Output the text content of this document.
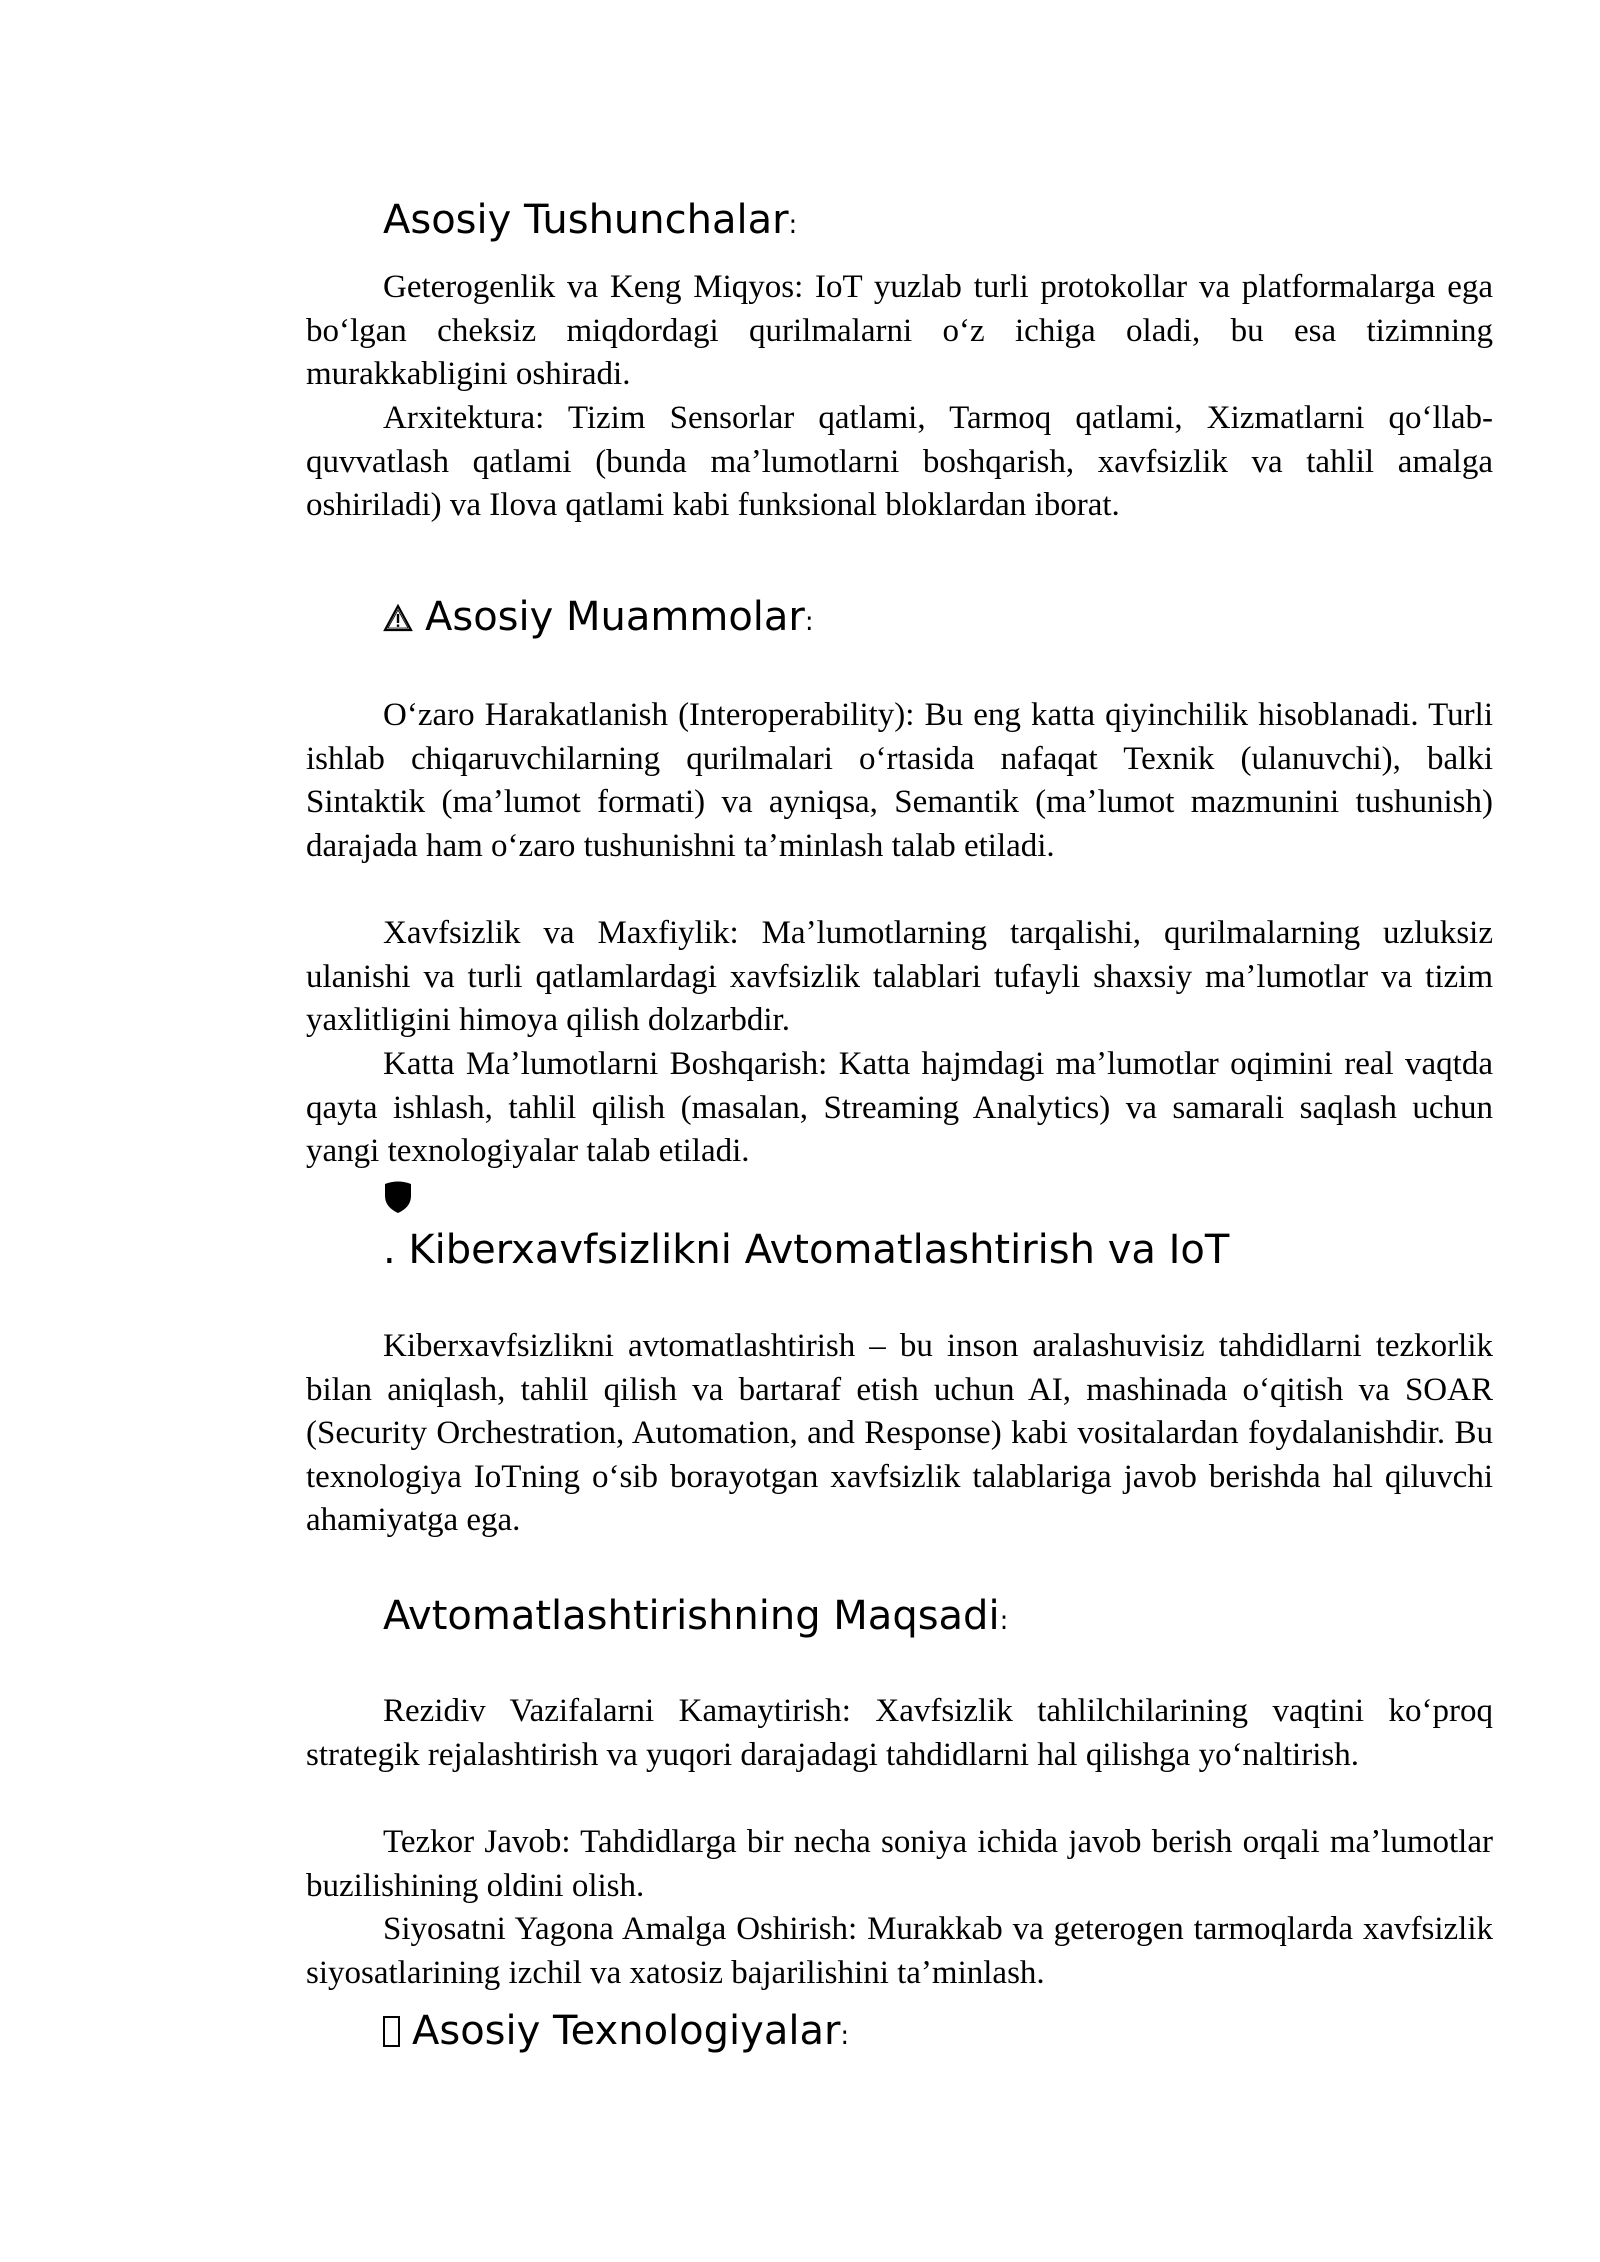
Asosiy Tushunchalar:

Geterogenlik va Keng Miqyos: IoT yuzlab turli protokollar va platformalarga ega boʻlgan cheksiz miqdordagi qurilmalarni oʻz ichiga oladi, bu esa tizimning murakkabligini oshiradi.

Arxitektura: Tizim Sensorlar qatlami, Tarmoq qatlami, Xizmatlarni qoʻllab-quvvatlash qatlami (bunda maʼlumotlarni boshqarish, xavfsizlik va tahlil amalga oshiriladi) va Ilova qatlami kabi funksional bloklardan iborat.

Asosiy Muammolar:

Oʻzaro Harakatlanish (Interoperability): Bu eng katta qiyinchilik hisoblanadi. Turli ishlab chiqaruvchilarning qurilmalari oʻrtasida nafaqat Texnik (ulanuvchi), balki Sintaktik (maʼlumot formati) va ayniqsa, Semantik (maʼlumot mazmunini tushunish) darajada ham oʻzaro tushunishni taʼminlash talab etiladi.

Xavfsizlik va Maxfiylik: Maʼlumotlarning tarqalishi, qurilmalarning uzluksiz ulanishi va turli qatlamlardagi xavfsizlik talablari tufayli shaxsiy maʼlumotlar va tizim yaxlitligini himoya qilish dolzarbdir.

Katta Maʼlumotlarni Boshqarish: Katta hajmdagi maʼlumotlar oqimini real vaqtda qayta ishlash, tahlil qilish (masalan, Streaming Analytics) va samarali saqlash uchun yangi texnologiyalar talab etiladi.

. Kiberxavfsizlikni Avtomatlashtirish va IoT

Kiberxavfsizlikni avtomatlashtirish – bu inson aralashuvisiz tahdidlarni tezkorlik bilan aniqlash, tahlil qilish va bartaraf etish uchun AI, mashinada oʻqitish va SOAR (Security Orchestration, Automation, and Response) kabi vositalardan foydalanishdir. Bu texnologiya IoTning oʻsib borayotgan xavfsizlik talablariga javob berishda hal qiluvchi ahamiyatga ega.

Avtomatlashtirishning Maqsadi:

Rezidiv Vazifalarni Kamaytirish: Xavfsizlik tahlilchilarining vaqtini koʻproq strategik rejalashtirish va yuqori darajadagi tahdidlarni hal qilishga yoʻnaltirish.

Tezkor Javob: Tahdidlarga bir necha soniya ichida javob berish orqali maʼlumotlar buzilishining oldini olish.

Siyosatni Yagona Amalga Oshirish: Murakkab va geterogen tarmoqlarda xavfsizlik siyosatlarining izchil va xatosiz bajarilishini taʼminlash.

Asosiy Texnologiyalar:
